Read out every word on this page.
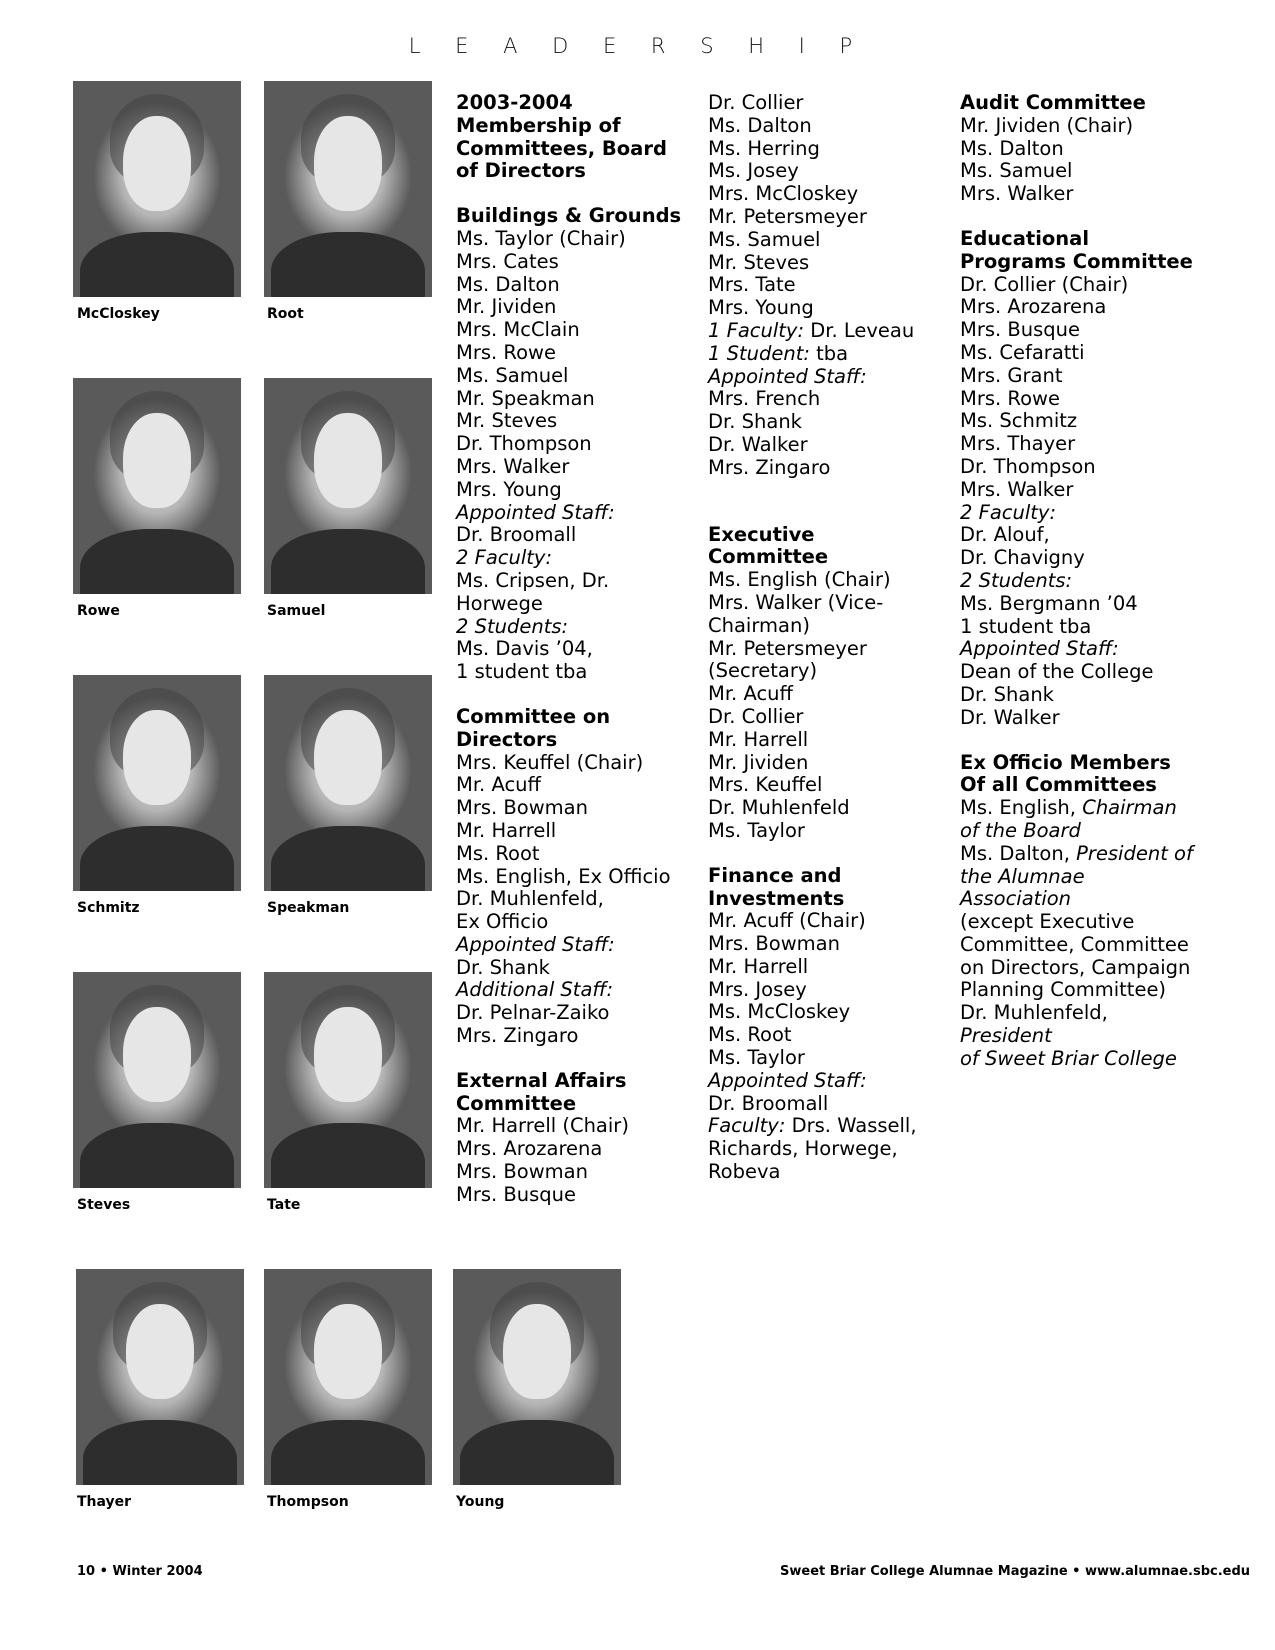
L E A D E R S H I P
McCloskey	Root
Rowe	Samuel
Schmitz	Speakman
Steves	Tate
Thayer	Thompson	Young
2003-2004
Membership of
Committees, Board
of Directors
Buildings & Grounds
Ms. Taylor (Chair)
Mrs. Cates
Ms. Dalton
Mr. Jividen
Mrs. McClain
Mrs. Rowe
Ms. Samuel
Mr. Speakman
Mr. Steves
Dr. Thompson
Mrs. Walker
Mrs. Young
Appointed Staff:
Dr. Broomall
2 Faculty:
Ms. Cripsen, Dr.
Horwege
2 Students:
Ms. Davis ’04,
1 student tba
Committee on
Directors
Mrs. Keuffel (Chair)
Mr. Acuff
Mrs. Bowman
Mr. Harrell
Ms. Root
Ms. English, Ex Officio
Dr. Muhlenfeld,
Ex Officio
Appointed Staff:
Dr. Shank
Additional Staff:
Dr. Pelnar-Zaiko
Mrs. Zingaro
External Affairs
Committee
Mr. Harrell (Chair)
Mrs. Arozarena
Mrs. Bowman
Mrs. Busque
Dr. Collier
Ms. Dalton
Ms. Herring
Ms. Josey
Mrs. McCloskey
Mr. Petersmeyer
Ms. Samuel
Mr. Steves
Mrs. Tate
Mrs. Young
1 Faculty: Dr. Leveau
1 Student: tba
Appointed Staff:
Mrs. French
Dr. Shank
Dr. Walker
Mrs. Zingaro
Executive Committee
Ms. English (Chair)
Mrs. Walker (Vice-
Chairman)
Mr. Petersmeyer
(Secretary)
Mr. Acuff
Dr. Collier
Mr. Harrell
Mr. Jividen
Mrs. Keuffel
Dr. Muhlenfeld
Ms. Taylor
Finance and
Investments
Mr. Acuff (Chair)
Mrs. Bowman
Mr. Harrell
Mrs. Josey
Ms. McCloskey
Ms. Root
Ms. Taylor
Appointed Staff:
Dr. Broomall
Faculty: Drs. Wassell,
Richards, Horwege,
Robeva
Audit Committee
Mr. Jividen (Chair)
Ms. Dalton
Ms. Samuel
Mrs. Walker
Educational
Programs Committee
Dr. Collier (Chair)
Mrs. Arozarena
Mrs. Busque
Ms. Cefaratti
Mrs. Grant
Mrs. Rowe
Ms. Schmitz
Mrs. Thayer
Dr. Thompson
Mrs. Walker
2 Faculty:
Dr. Alouf,
Dr. Chavigny
2 Students:
Ms. Bergmann ’04
1 student tba
Appointed Staff:
Dean of the College
Dr. Shank
Dr. Walker
Ex Officio Members
Of all Committees
Ms. English, Chairman
of the Board
Ms. Dalton, President of
the Alumnae Association
(except Executive
Committee, Committee
on Directors, Campaign
Planning Committee)
Dr. Muhlenfeld, President
of Sweet Briar College
10 • Winter 2004	Sweet Briar College Alumnae Magazine • www.alumnae.sbc.edu
